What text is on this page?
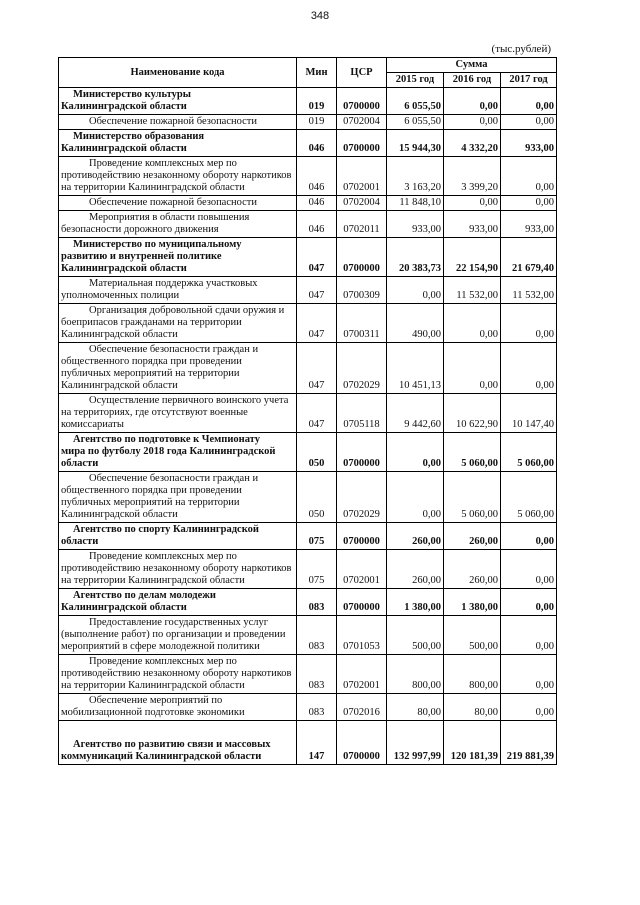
348
(тыс.рублей)
Наименование кода	Мин	ЦСР	Сумма		
			2015 год	2016 год	2017 год

Министерство культуры
Калининградской области	019	0700000	6 055,50	0,00	0,00
Обеспечение пожарной безопасности	019	0702004	6 055,50	0,00	0,00

Министерство образования
Калининградской области	046	0700000	15 944,30	4 332,20	933,00
Проведение комплексных мер по противодействию незаконному обороту наркотиков на территории Калининградской области	046	0702001	3 163,20	3 399,20	0,00
Обеспечение пожарной безопасности	046	0702004	11 848,10	0,00	0,00
Мероприятия в области повышения безопасности дорожного движения	046	0702011	933,00	933,00	933,00

Министерство по муниципальному
развитию и внутренней политике Калининградской области	047	0700000	20 383,73	22 154,90	21 679,40
Материальная поддержка участковых уполномоченных полиции	047	0700309	0,00	11 532,00	11 532,00
Организация добровольной сдачи оружия и боеприпасов гражданами на территории Калининградской области	047	0700311	490,00	0,00	0,00
Обеспечение безопасности граждан и общественного порядка при проведении публичных мероприятий на территории Калининградской области	047	0702029	10 451,13	0,00	0,00
Осуществление первичного воинского учета на территориях, где отсутствуют военные комиссариаты	047	0705118	9 442,60	10 622,90	10 147,40

Агентство по подготовке к Чемпионату
мира по футболу 2018 года Калининградской области	050	0700000	0,00	5 060,00	5 060,00
Обеспечение безопасности граждан и общественного порядка при проведении публичных мероприятий на территории Калининградской области	050	0702029	0,00	5 060,00	5 060,00

Агентство по спорту Калининградской
области	075	0700000	260,00	260,00	0,00
Проведение комплексных мер по противодействию незаконному обороту наркотиков на территории Калининградской области	075	0702001	260,00	260,00	0,00

Агентство по делам молодежи
Калининградской области	083	0700000	1 380,00	1 380,00	0,00
Предоставление государственных услуг (выполнение работ) по организации и проведении мероприятий в сфере молодежной политики	083	0701053	500,00	500,00	0,00
Проведение комплексных мер по противодействию незаконному обороту наркотиков на территории Калининградской области	083	0702001	800,00	800,00	0,00
Обеспечение мероприятий по мобилизационной подготовке экономики	083	0702016	80,00	80,00	0,00

Агентство по развитию связи и массовых
коммуникаций Калининградской области	147	0700000	132 997,99	120 181,39	219 881,39
